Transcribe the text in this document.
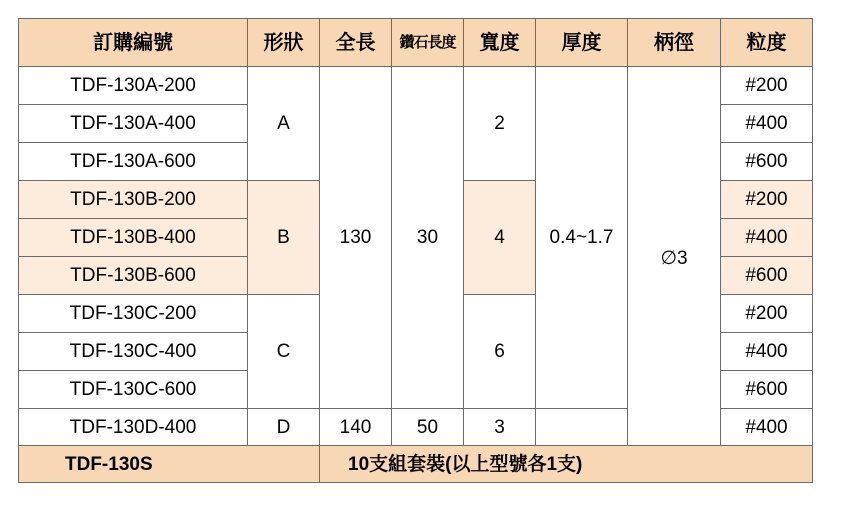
訂購編號	形狀	全長	鑽石長度	寬度	厚度	柄徑	粒度
TDF-130A-200	A	130	30	2	0.4~1.7	∅3	#200
TDF-130A-400							#400
TDF-130A-600							#600
TDF-130B-200	B			4			#200
TDF-130B-400							#400
TDF-130B-600							#600
TDF-130C-200	C			6			#200
TDF-130C-400							#400
TDF-130C-600							#600
TDF-130D-400	D	140	50	3			#400
TDF-130S		10支組套裝(以上型號各1支)					
